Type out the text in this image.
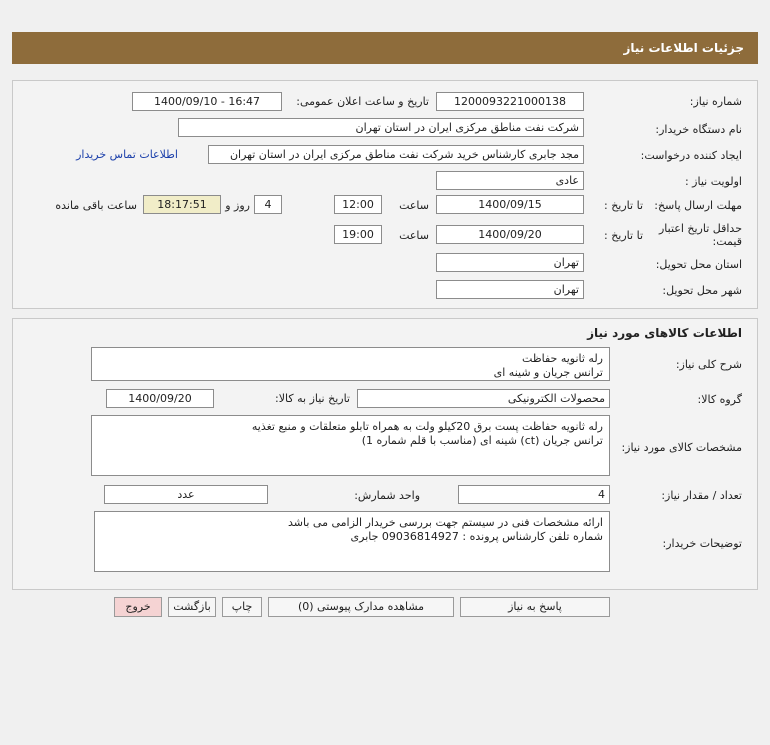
جزئیات اطلاعات نیاز
شماره نیاز:
1200093221000138
تاریخ و ساعت اعلان عمومی:
1400/09/10 - 16:47
نام دستگاه خریدار:
شرکت نفت مناطق مرکزی ایران در استان تهران
ایجاد کننده درخواست:
مجد جابری کارشناس خرید شرکت نفت مناطق مرکزی ایران در استان تهران
اطلاعات تماس خریدار
اولویت نیاز :
عادی
مهلت ارسال پاسخ:
تا تاریخ :
1400/09/15
ساعت
12:00
4
روز و
18:17:51
ساعت باقی مانده
حداقل تاریخ اعتبار قیمت:
تا تاریخ :
1400/09/20
ساعت
19:00
استان محل تحویل:
تهران
شهر محل تحویل:
تهران
اطلاعات کالاهای مورد نیاز
شرح کلی نیاز:
رله ثانویه حفاظت
ترانس جریان و شینه ای
گروه کالا:
محصولات الکترونیکی
تاریخ نیاز به کالا:
1400/09/20
مشخصات کالای مورد نیاز:
رله ثانویه حفاظت پست برق 20کیلو ولت به همراه تابلو متعلقات و منبع تغذیه
ترانس جریان (ct) شینه ای (مناسب با قلم شماره 1)
تعداد / مقدار نیاز:
4
واحد شمارش:
عدد
توضیحات خریدار:
ارائه مشخصات فنی در سیستم جهت بررسی خریدار الزامی می باشد
شماره تلفن کارشناس پرونده : 09036814927 جابری
پاسخ به نیاز
مشاهده مدارک پیوستی (0)
چاپ
بازگشت
خروج
